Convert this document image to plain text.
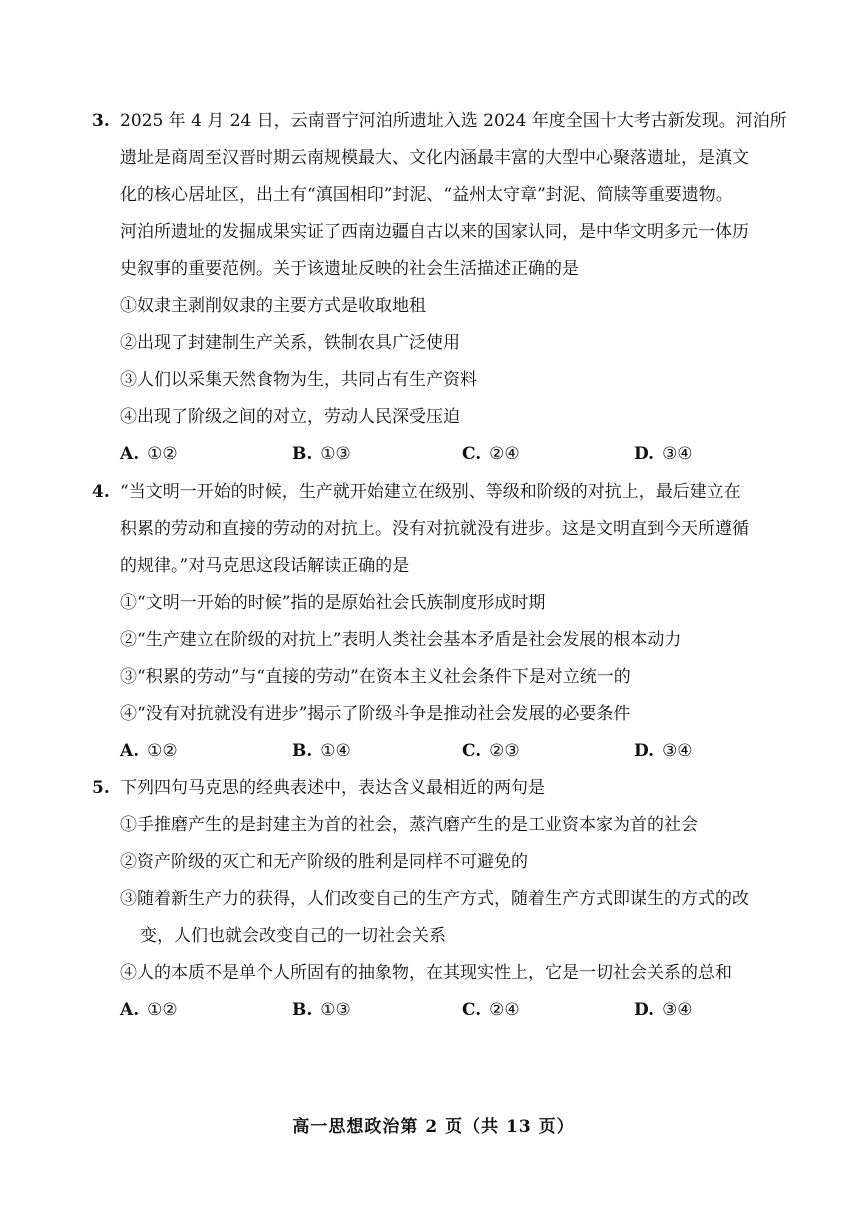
3. 2025 年 4 月 24 日，云南晋宁河泊所遗址入选 2024 年度全国十大考古新发现。河泊所
遗址是商周至汉晋时期云南规模最大、文化内涵最丰富的大型中心聚落遗址，是滇文
化的核心居址区，出土有“滇国相印”封泥、“益州太守章”封泥、简牍等重要遗物。
河泊所遗址的发掘成果实证了西南边疆自古以来的国家认同，是中华文明多元一体历
史叙事的重要范例。关于该遗址反映的社会生活描述正确的是
①奴隶主剥削奴隶的主要方式是收取地租
②出现了封建制生产关系，铁制农具广泛使用
③人们以采集天然食物为生，共同占有生产资料
④出现了阶级之间的对立，劳动人民深受压迫
A. ①②	B. ①③	C. ②④	D. ③④
4. “当文明一开始的时候，生产就开始建立在级别、等级和阶级的对抗上，最后建立在
积累的劳动和直接的劳动的对抗上。没有对抗就没有进步。这是文明直到今天所遵循
的规律。”对马克思这段话解读正确的是
①“文明一开始的时候”指的是原始社会氏族制度形成时期
②“生产建立在阶级的对抗上”表明人类社会基本矛盾是社会发展的根本动力
③“积累的劳动”与“直接的劳动”在资本主义社会条件下是对立统一的
④“没有对抗就没有进步”揭示了阶级斗争是推动社会发展的必要条件
A. ①②	B. ①④	C. ②③	D. ③④
5. 下列四句马克思的经典表述中，表达含义最相近的两句是
①手推磨产生的是封建主为首的社会，蒸汽磨产生的是工业资本家为首的社会
②资产阶级的灭亡和无产阶级的胜利是同样不可避免的
③随着新生产力的获得，人们改变自己的生产方式，随着生产方式即谋生的方式的改
变，人们也就会改变自己的一切社会关系
④人的本质不是单个人所固有的抽象物，在其现实性上，它是一切社会关系的总和
A. ①②	B. ①③	C. ②④	D. ③④
高一思想政治第 2 页（共 13 页）
